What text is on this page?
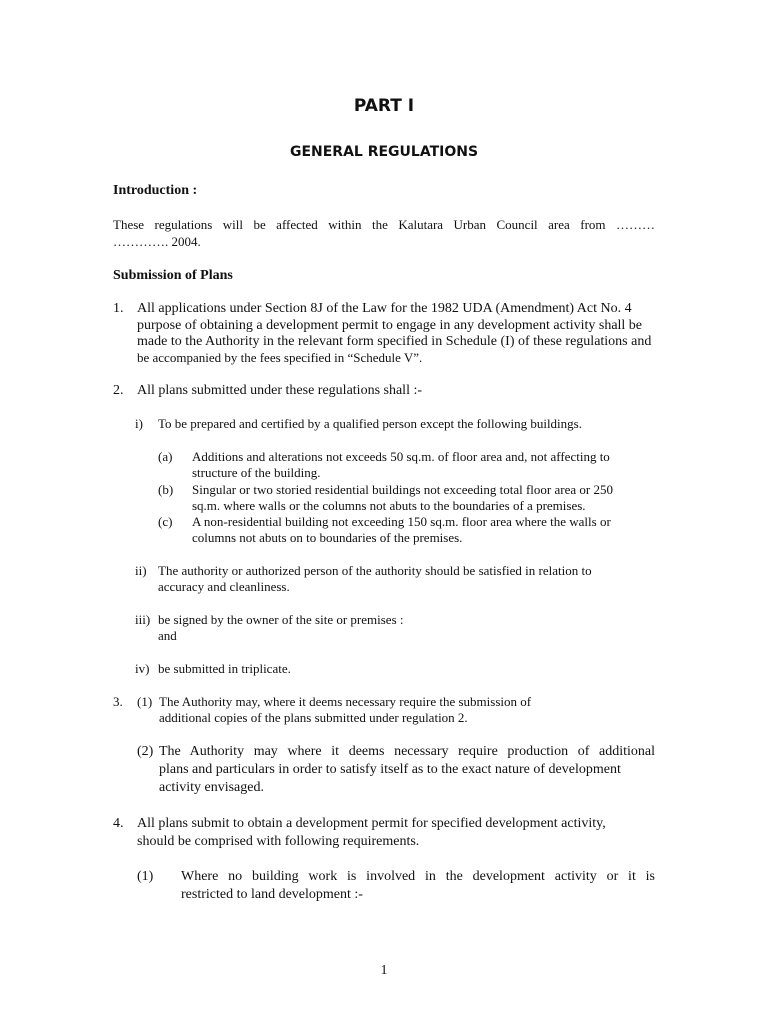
PART I
GENERAL REGULATIONS
Introduction :
These regulations will be affected within the Kalutara Urban Council area from ………
…………. 2004.
Submission of Plans
1. All applications under Section 8J of the Law for the 1982 UDA (Amendment) Act No. 4
purpose of obtaining a development permit to engage in any development activity shall be
made to the Authority in the relevant form specified in Schedule (I) of these regulations and
be accompanied by the fees specified in “Schedule V”.
2. All plans submitted under these regulations shall :-
i) To be prepared and certified by a qualified person except the following buildings.
(a) Additions and alterations not exceeds 50 sq.m. of floor area and, not affecting to
structure of the building.
(b) Singular or two storied residential buildings not exceeding total floor area or 250
sq.m. where walls or the columns not abuts to the boundaries of a premises.
(c) A non-residential building not exceeding 150 sq.m. floor area where the walls or
columns not abuts on to boundaries of the premises.
ii) The authority or authorized person of the authority should be satisfied in relation to
accuracy and cleanliness.
iii) be signed by the owner of the site or premises :
and
iv) be submitted in triplicate.
3. (1) The Authority may, where it deems necessary require the submission of
additional copies of the plans submitted under regulation 2.
(2) The Authority may where it deems necessary require production of additional
plans and particulars in order to satisfy itself as to the exact nature of development
activity envisaged.
4. All plans submit to obtain a development permit for specified development activity,
should be comprised with following requirements.
(1) Where no building work is involved in the development activity or it is
restricted to land development :-
1
